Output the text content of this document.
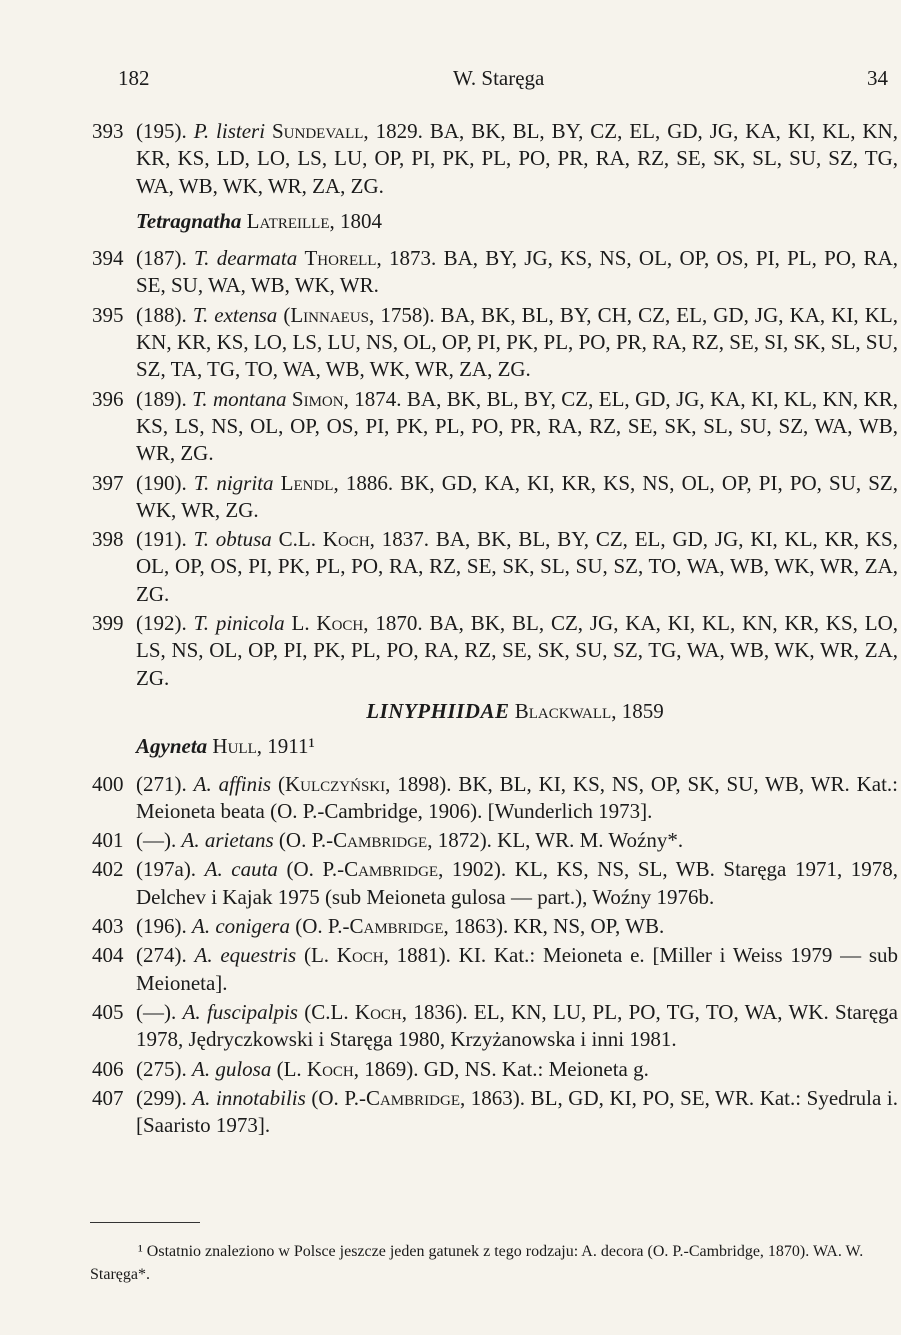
182	W. Staręga	34
393 (195). P. listeri Sundevall, 1829. BA, BK, BL, BY, CZ, EL, GD, JG, KA, KI, KL, KN, KR, KS, LD, LO, LS, LU, OP, PI, PK, PL, PO, PR, RA, RZ, SE, SK, SL, SU, SZ, TG, WA, WB, WK, WR, ZA, ZG.
Tetragnatha Latreille, 1804
394 (187). T. dearmata Thorell, 1873. BA, BY, JG, KS, NS, OL, OP, OS, PI, PL, PO, RA, SE, SU, WA, WB, WK, WR.
395 (188). T. extensa (Linnaeus, 1758). BA, BK, BL, BY, CH, CZ, EL, GD, JG, KA, KI, KL, KN, KR, KS, LO, LS, LU, NS, OL, OP, PI, PK, PL, PO, PR, RA, RZ, SE, SI, SK, SL, SU, SZ, TA, TG, TO, WA, WB, WK, WR, ZA, ZG.
396 (189). T. montana Simon, 1874. BA, BK, BL, BY, CZ, EL, GD, JG, KA, KI, KL, KN, KR, KS, LS, NS, OL, OP, OS, PI, PK, PL, PO, PR, RA, RZ, SE, SK, SL, SU, SZ, WA, WB, WR, ZG.
397 (190). T. nigrita Lendl, 1886. BK, GD, KA, KI, KR, KS, NS, OL, OP, PI, PO, SU, SZ, WK, WR, ZG.
398 (191). T. obtusa C.L. Koch, 1837. BA, BK, BL, BY, CZ, EL, GD, JG, KI, KL, KR, KS, OL, OP, OS, PI, PK, PL, PO, RA, RZ, SE, SK, SL, SU, SZ, TO, WA, WB, WK, WR, ZA, ZG.
399 (192). T. pinicola L. Koch, 1870. BA, BK, BL, CZ, JG, KA, KI, KL, KN, KR, KS, LO, LS, NS, OL, OP, PI, PK, PL, PO, RA, RZ, SE, SK, SU, SZ, TG, WA, WB, WK, WR, ZA, ZG.
LINYPHIIDAE Blackwall, 1859
Agyneta Hull, 1911¹
400 (271). A. affinis (Kulczyński, 1898). BK, BL, KI, KS, NS, OP, SK, SU, WB, WR. Kat.: Meioneta beata (O. P.-Cambridge, 1906). [Wunderlich 1973].
401 (—). A. arietans (O. P.-Cambridge, 1872). KL, WR. M. Woźny*.
402 (197a). A. cauta (O. P.-Cambridge, 1902). KL, KS, NS, SL, WB. Staręga 1971, 1978, Delchev i Kajak 1975 (sub Meioneta gulosa — part.), Woźny 1976b.
403 (196). A. conigera (O. P.-Cambridge, 1863). KR, NS, OP, WB.
404 (274). A. equestris (L. Koch, 1881). KI. Kat.: Meioneta e. [Miller i Weiss 1979 — sub Meioneta].
405 (—). A. fuscipalpis (C.L. Koch, 1836). EL, KN, LU, PL, PO, TG, TO, WA, WK. Staręga 1978, Jędryczkowski i Staręga 1980, Krzyżanowska i inni 1981.
406 (275). A. gulosa (L. Koch, 1869). GD, NS. Kat.: Meioneta g.
407 (299). A. innotabilis (O. P.-Cambridge, 1863). BL, GD, KI, PO, SE, WR. Kat.: Syedrula i. [Saaristo 1973].
¹ Ostatnio znaleziono w Polsce jeszcze jeden gatunek z tego rodzaju: A. decora (O. P.-Cambridge, 1870). WA. W. Staręga*.
